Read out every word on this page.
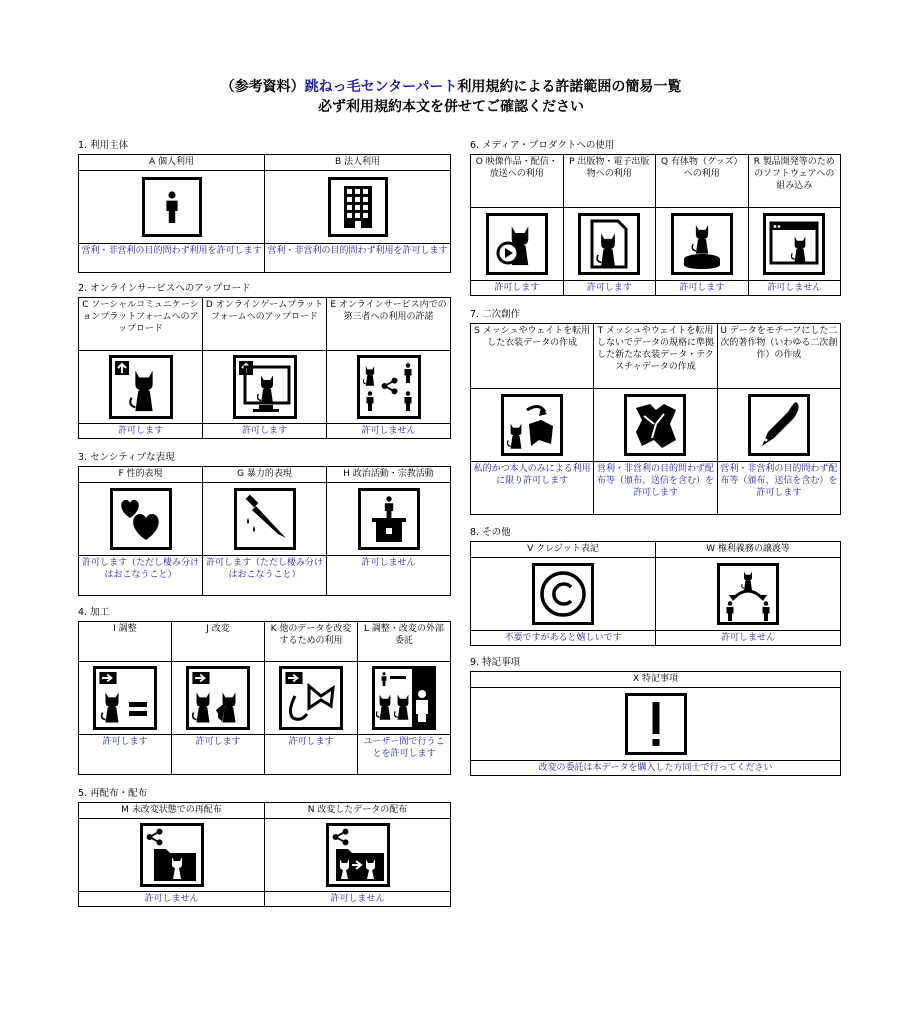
（参考資料）跳ねっ毛センターパート利用規約による許諾範囲の簡易一覧
必ず利用規約本文を併せてご確認ください
1. 利用主体
A 個人利用	B 法人利用

営利・非営利の目的問わず利用を許可します	営利・非営利の目的問わず利用を許可します
2. オンラインサービスへのアップロード
C ソーシャルコミュニケーションプラットフォームへのアップロード	D オンラインゲームプラットフォームへのアップロード	E オンラインサービス内での第三者への利用の許諾

許可します	許可します	許可しません
3. センシティブな表現
F 性的表現	G 暴力的表現	H 政治活動・宗教活動

許可します（ただし棲み分けはおこなうこと）	許可します（ただし棲み分けはおこなうこと）	許可しません
4. 加工
I 調整	J 改変	K 他のデータを改変するための利用	L 調整・改変の外部委託

許可します	許可します	許可します	ユーザー間で行うことを許可します
5. 再配布・配布
M 未改変状態での再配布	N 改変したデータの配布

許可しません	許可しません
6. メディア・プロダクトへの使用
O 映像作品・配信・放送への利用	P 出版物・電子出版物への利用	Q 有体物（グッズ）への利用	R 製品開発等のためのソフトウェアへの組み込み

許可します	許可します	許可します	許可しません
7. 二次創作
S メッシュやウェイトを転用した衣装データの作成	T メッシュやウェイトを転用しないでデータの規格に準拠した新たな衣装データ・テクスチャデータの作成	U データをモチーフにした二次的著作物（いわゆる二次創作）の作成

私的かつ本人のみによる利用に限り許可します	営利・非営利の目的問わず配布等（頒布、送信を含む）を許可します	営利・非営利の目的問わず配布等（頒布、送信を含む）を許可します
8. その他
V クレジット表記	W 権利義務の譲渡等

不要ですがあると嬉しいです	許可しません
9. 特記事項
X 特記事項

改変の委託は本データを購入した方同士で行ってください
